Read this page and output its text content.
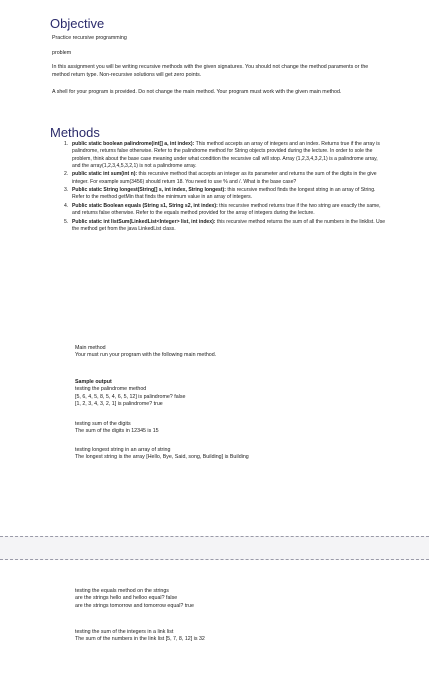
Objective
Practice recursive programming
problem
In this assignment you will be writing recursive methods with the given signatures. You should not change the method paraments or the method return type. Non-recursive solutions will get zero points.
A shell for your program is provided. Do not change the main method. Your program must work with the given main method.
Methods
1. public static boolean palindrome(int[] a, int index): This method accepts an array of integers and an index. Returns true if the array is palindrome, returns false otherwise. Refer to the palindrome method for String objects provided during the lecture. In order to sole the problem, think about the base case meaning under what condition the recursive call will stop. Array (1,2,3,4,3,2,1) is a palindrome array, and the array(1,2,3,4,5,3,2,1) is not a palindrome array.
2. public static int sum(int n): this recursive method that accepts an integer as its parameter and returns the sum of the digits in the give integer. For example sum(3456) should return 18. You need to use % and /. What is the base case?
3. Public static String longest(String[] s, int index, String longest): this recursive method finds the longest string in an array of String. Refer to the method getMin that finds the minimum value in an array of integers.
4. Public static Boolean equals (String s1, String s2, int index): this recursive method returns true if the two string are exactly the same, and returns false otherwise. Refer to the equals method provided for the array of integers during the lecture.
5. Public static int listSum(LinkedList<Integer> list, int index): this recursive method returns the sum of all the numbers in the linklist. Use the method get from the java LinkedList class.
Main method
Your must run your program with the following main method.
Sample output
testing the palindrome method
[5, 6, 4, 5, 8, 5, 4, 6, 5, 12] is palindrome? false
[1, 2, 3, 4, 3, 2, 1] is palindrome? true
testing sum of the digits
The sum of the digits in 12345 is 15
testing longest string in an array of string
The longest string is the array [Hello, Bye, Said, song, Building] is Building
testing the equals method on the strings
are the strings hello and helloo equal? false
are the strings tomorrow and tomorrow equal? true
testing the sum of the integers in a link list
The sum of the numbers in the link list [5, 7, 8, 12] is 32
